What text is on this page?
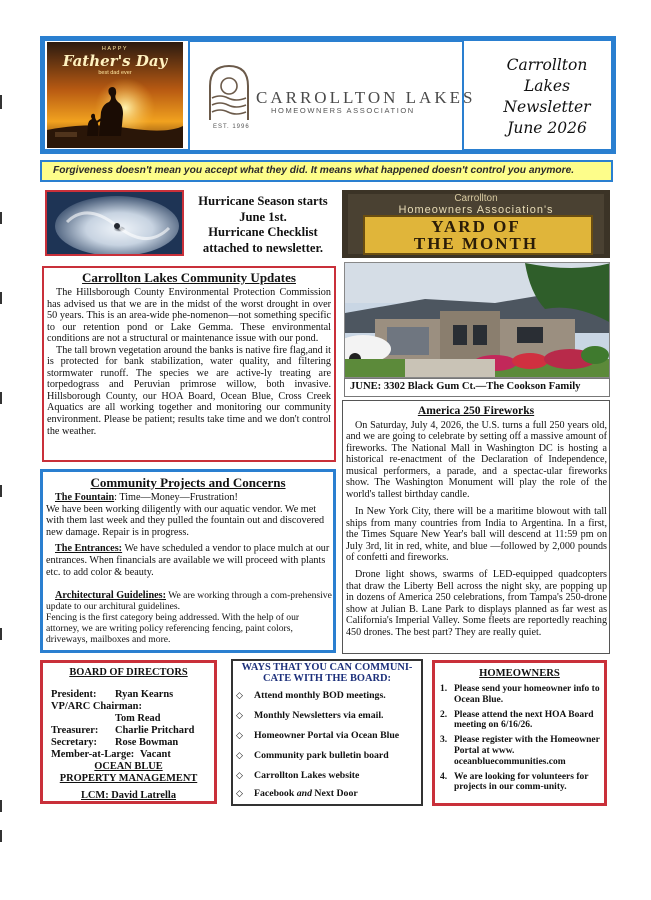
HAPPY
Father's Day
best dad ever
CARROLLTON LAKES
HOMEOWNERS ASSOCIATION
EST. 1996
Carrollton
Lakes
Newsletter
June 2026
Forgiveness doesn't mean you accept what they did. It means what happened doesn't control you anymore.
Hurricane Season starts
June 1st.
Hurricane Checklist
attached to newsletter.
Carrollton
Homeowners Association's
YARD OF
THE MONTH
JUNE: 3302 Black Gum Ct.—The Cookson Family
Carrollton Lakes Community Updates
The Hillsborough County Environmental Protection Commission has advised us that we are in the midst of the worst drought in over 50 years. This is an area-wide phe-nomenon—not something specific to our retention pond or Lake Gemma. These environmental conditions are not a structural or maintenance issue with our pond.
The tall brown vegetation around the banks is native fire flag,and it is protected for bank stabilization, water quality, and filtering stormwater runoff. The species we are active-ly treating are torpedograss and Peruvian primrose willow, both invasive. Hillsborough County, our HOA Board, Ocean Blue, Cross Creek Aquatics are all working together and monitoring our community environment. Please be patient; results take time and we don't control the weather.
Community Projects and Concerns

The Fountain: Time—Money—Frustration!

We have been working diligently with our aquatic vendor. We met with them last week and they pulled the fountain out and discovered new damage. Repair is in progress.

The Entrances: We have scheduled a vendor to place mulch at our entrances. When financials are available we will proceed with plants etc. to add color & beauty.

Architectural Guidelines: We are working through a com-prehensive update to our architural guidelines.

Fencing is the first category being addressed. With the help of our attorney, we are writing policy referencing fencing, paint colors, driveways, mailboxes and more.

America 250 Fireworks

On Saturday, July 4, 2026, the U.S. turns a full 250 years old, and we are going to celebrate by setting off a massive amount of fireworks. The National Mall in Washington DC is hosting a historical re-enactment of the Declaration of Independence, musical performers, a parade, and a spectac-ular fireworks show. The Washington Monument will play the role of the world's tallest birthday candle.

In New York City, there will be a maritime blowout with tall ships from many countries from India to Argentina. In a first, the Times Square New Year's ball will descend at 11:59 pm on July 3rd, lit in red, white, and blue —followed by 2,000 pounds of confetti and fireworks.

Drone light shows, swarms of LED-equipped quadcopters that draw the Liberty Bell across the night sky, are popping up in dozens of America 250 celebrations, from Tampa's 250-drone show at Julian B. Lane Park to displays planned as far west as California's Imperial Valley. Some fleets are reportedly reaching 450 drones. The best part? They are really quiet.

BOARD OF DIRECTORS
President: Ryan Kearns
VP/ARC Chairman:
Tom Read
Treasurer: Charlie Pritchard
Secretary: Rose Bowman
Member-at-Large: Vacant
OCEAN BLUE
PROPERTY MANAGEMENT
LCM: David Latrella
WAYS THAT YOU CAN COMMUNI-
CATE WITH THE BOARD:
◇ Attend monthly BOD meetings.
◇ Monthly Newsletters via email.
◇ Homeowner Portal via Ocean Blue
◇ Community park bulletin board
◇ Carrollton Lakes website
◇ Facebook and Next Door
HOMEOWNERS
1. Please send your homeowner info to Ocean Blue.
2. Please attend the next HOA Board meeting on 6/16/26.
3. Please register with the Homeowner Portal at www. oceanbluecommunities.com
4. We are looking for volunteers for projects in our comm-unity.
